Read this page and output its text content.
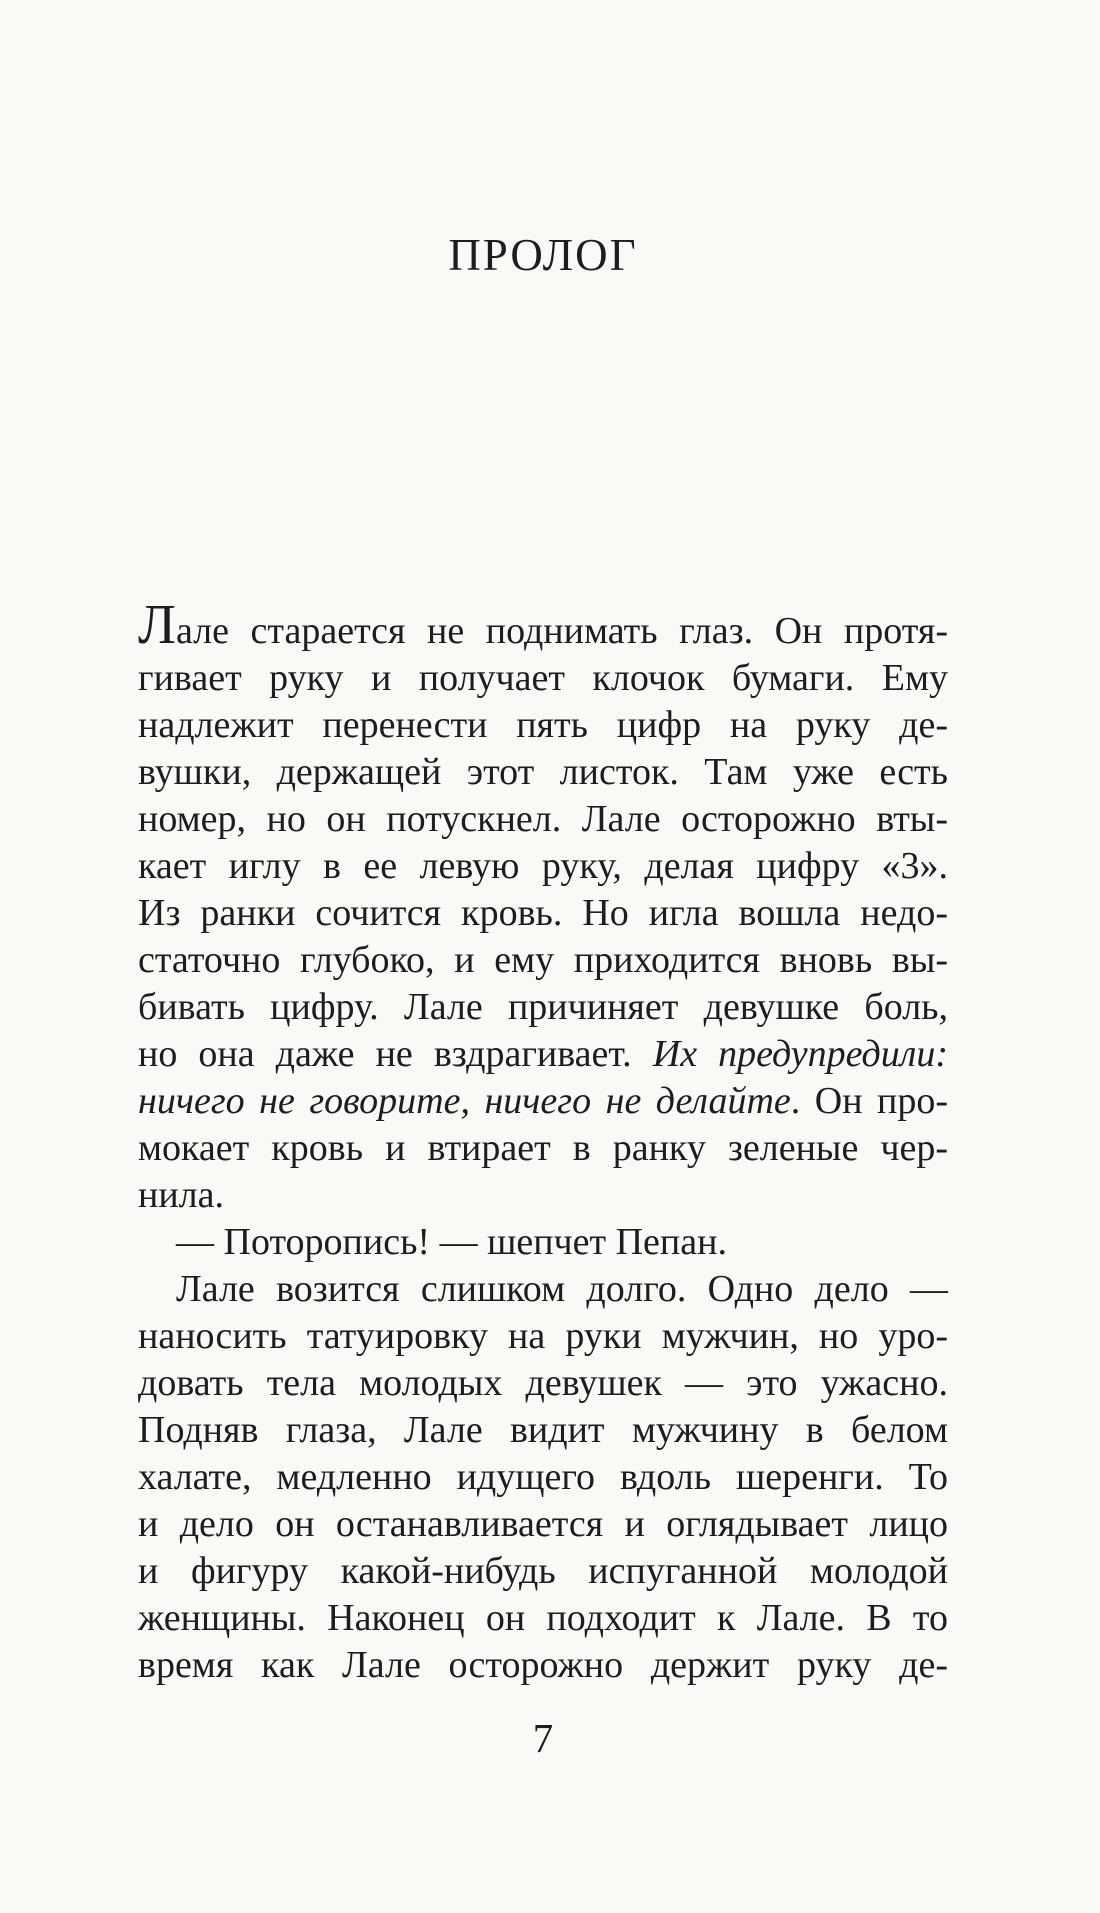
ПРОЛОГ
Лале старается не поднимать глаз. Он протя-
гивает руку и получает клочок бумаги. Ему
надлежит перенести пять цифр на руку де-
вушки, держащей этот листок. Там уже есть
номер, но он потускнел. Лале осторожно вты-
кает иглу в ее левую руку, делая цифру «3».
Из ранки сочится кровь. Но игла вошла недо-
статочно глубоко, и ему приходится вновь вы-
бивать цифру. Лале причиняет девушке боль,
но она даже не вздрагивает. Их предупредили:
ничего не говорите, ничего не делайте. Он про-
мокает кровь и втирает в ранку зеленые чер-
нила.
— Поторопись! — шепчет Пепан.
Лале возится слишком долго. Одно дело —
наносить татуировку на руки мужчин, но уро-
довать тела молодых девушек — это ужасно.
Подняв глаза, Лале видит мужчину в белом
халате, медленно идущего вдоль шеренги. То
и дело он останавливается и оглядывает лицо
и фигуру какой-нибудь испуганной молодой
женщины. Наконец он подходит к Лале. В то
время как Лале осторожно держит руку де-
7
